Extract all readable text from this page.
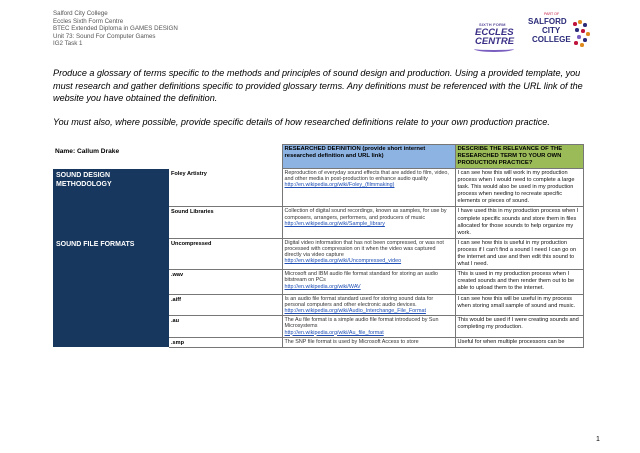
Salford City College
Eccles Sixth Form Centre
BTEC Extended Diploma in GAMES DESIGN
Unit 73: Sound For Computer Games
IG2 Task 1
SIXTH FORM
ECCLES
CENTRE
PART OF
SALFORD
CITY
COLLEGE

Produce a glossary of terms specific to the methods and principles of sound design and production. Using a provided template, you must research and gather definitions specific to provided glossary terms. Any definitions must be referenced with the URL link of the website you have obtained the definition.

You must also, where possible, provide specific details of how researched definitions relate to your own production practice.

Name: Callum Drake		RESEARCHED DEFINITION (provide short internet researched definition and URL link)	DESCRIBE THE RELEVANCE OF THE RESEARCHED TERM TO YOUR OWN PRODUCTION PRACTICE?
SOUND DESIGN METHODOLOGY	Foley Artistry	Reproduction of everyday sound effects that are added to film, video, and other media in post-production to enhance audio quality
http://en.wikipedia.org/wiki/Foley_(filmmaking)	I can see how this will work in my production process when I would need to complete a large task. This would also be used in my production process when needing to recreate specific elements or pieces of sound.
	Sound Libraries	Collection of digital sound recordings, known as samples, for use by composers, arrangers, performers, and producers of music
http://en.wikipedia.org/wiki/Sample_library	I have used this in my production process when I complete specific sounds and store them in files allocated for those sounds to help organize my work.
SOUND FILE FORMATS	Uncompressed	Digital video information that has not been compressed, or was not processed with compression on it when the video was captured directly via video capture
http://en.wikipedia.org/wiki/Uncompressed_video	I can see how this is useful in my production process if I can't find a sound I need I can go on the internet and use and then edit this sound to what I need.
	.wav	Microsoft and IBM audio file format standard for storing an audio bitstream on PCs
http://en.wikipedia.org/wiki/WAV	This is used in my production process when I created sounds and then render them out to be able to upload them to the internet.
	.aiff	Is an audio file format standard used for storing sound data for personal computers and other electronic audio devices.
http://en.wikipedia.org/wiki/Audio_Interchange_File_Format	I can see how this will be useful in my process when storing small sample of sound and music.
	.au	The Au file format is a simple audio file format introduced by Sun Microsystems
http://en.wikipedia.org/wiki/Au_file_format	This would be used if I were creating sounds and completing my production.
	.smp	The SNP file format is used by Microsoft Access to store	Useful for when multiple processors can be
1
